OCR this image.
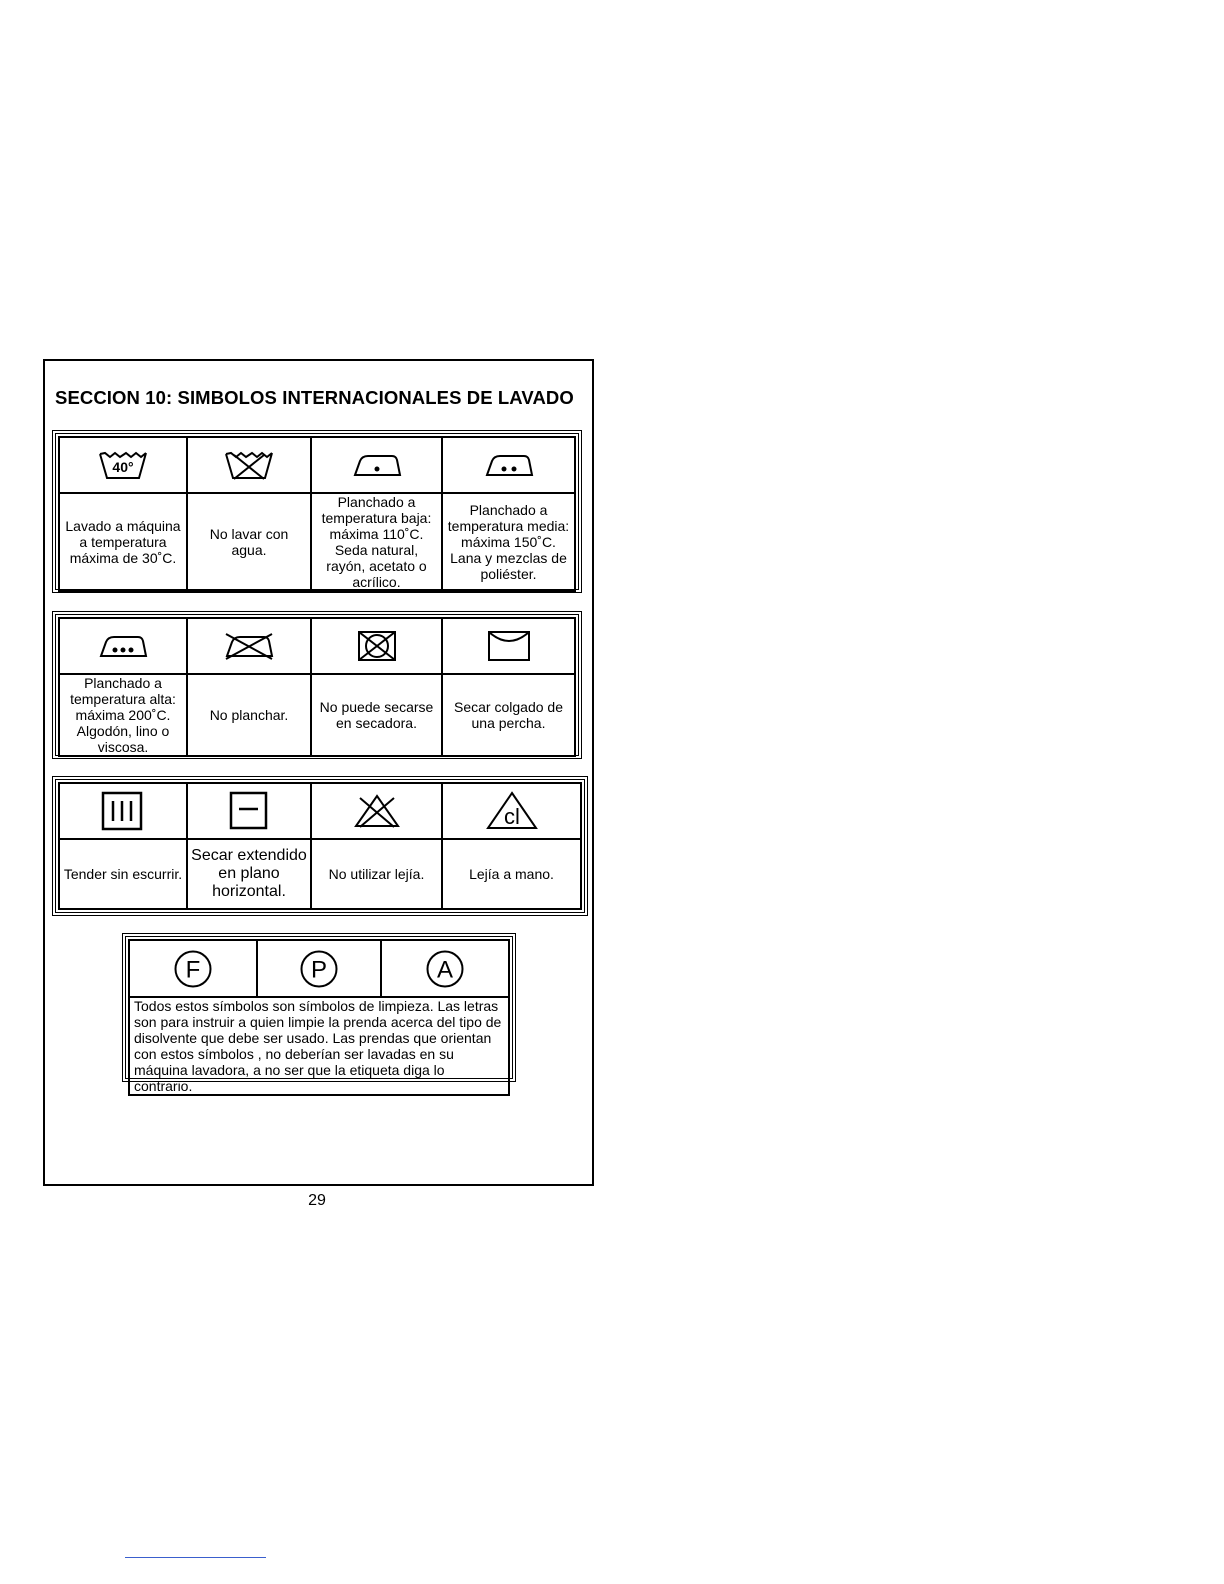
SECCION 10: SIMBOLOS INTERNACIONALES DE LAVADO
40°

Lavado a máquina a temperatura máxima de 30˚C.	No lavar con agua.	Planchado a temperatura baja: máxima 110˚C. Seda natural, rayón, acetato o acrílico.	Planchado a temperatura media: máxima 150˚C. Lana y mezclas de poliéster.

Planchado a temperatura alta: máxima 200˚C. Algodón, lino o viscosa.	No planchar.	No puede secarse en secadora.	Secar colgado de una percha.

cl

Tender sin escurrir.	Secar extendido en plano horizontal.	No utilizar lejía.	Lejía a mano.
F	P	A

Todos estos símbolos son símbolos de limpieza. Las letras son para instruir a quien limpie la prenda acerca del tipo de disolvente que debe ser usado. Las prendas que orientan con estos símbolos , no deberían ser lavadas en su máquina lavadora, a no ser que la etiqueta diga lo contrario.
29
